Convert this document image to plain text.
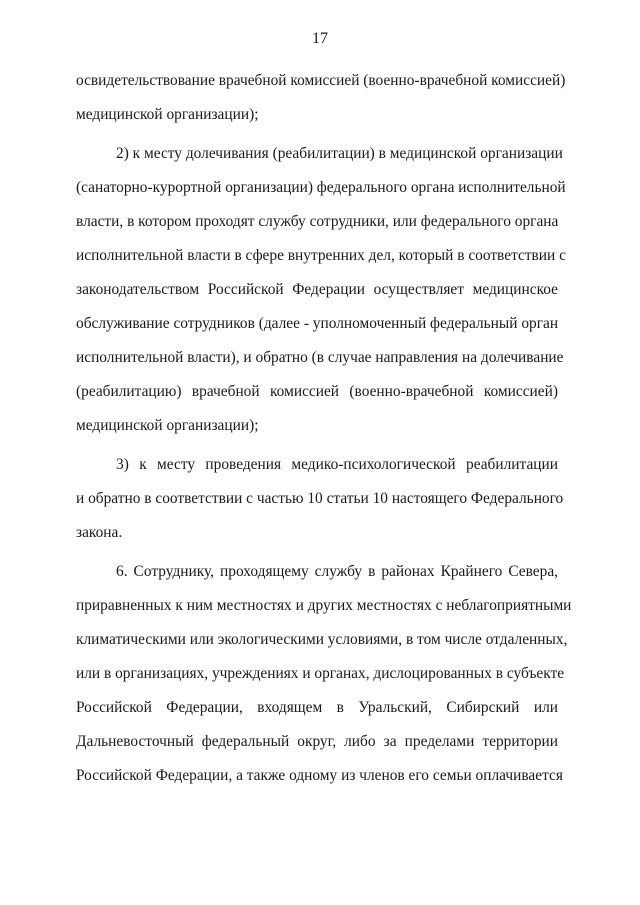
17
освидетельствование врачебной комиссией (военно-врачебной комиссией)
медицинской организации);
2) к месту долечивания (реабилитации) в медицинской организации
(санаторно-курортной организации) федерального органа исполнительной
власти, в котором проходят службу сотрудники, или федерального органа
исполнительной власти в сфере внутренних дел, который в соответствии с
законодательством Российской Федерации осуществляет медицинское
обслуживание сотрудников (далее - уполномоченный федеральный орган
исполнительной власти), и обратно (в случае направления на долечивание
(реабилитацию) врачебной комиссией (военно-врачебной комиссией)
медицинской организации);
3) к месту проведения медико-психологической реабилитации
и обратно в соответствии с частью 10 статьи 10 настоящего Федерального
закона.
6. Сотруднику, проходящему службу в районах Крайнего Севера,
приравненных к ним местностях и других местностях с неблагоприятными
климатическими или экологическими условиями, в том числе отдаленных,
или в организациях, учреждениях и органах, дислоцированных в субъекте
Российской Федерации, входящем в Уральский, Сибирский или
Дальневосточный федеральный округ, либо за пределами территории
Российской Федерации, а также одному из членов его семьи оплачивается
